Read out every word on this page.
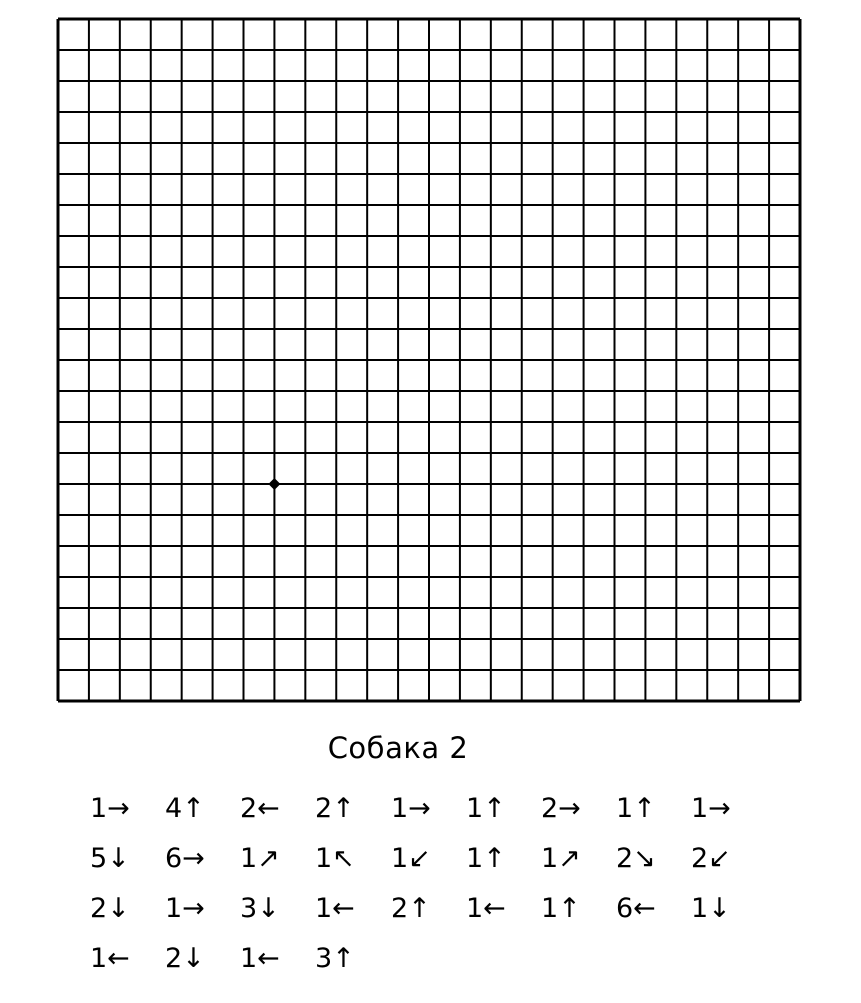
Собака 2
1→ 4↑ 2← 2↑ 1→ 1↑ 2→ 1↑ 1→
5↓ 6→ 1↗ 1↖ 1↙ 1↑ 1↗ 2↘ 2↙
2↓ 1→ 3↓ 1← 2↑ 1← 1↑ 6← 1↓
1← 2↓ 1← 3↑
